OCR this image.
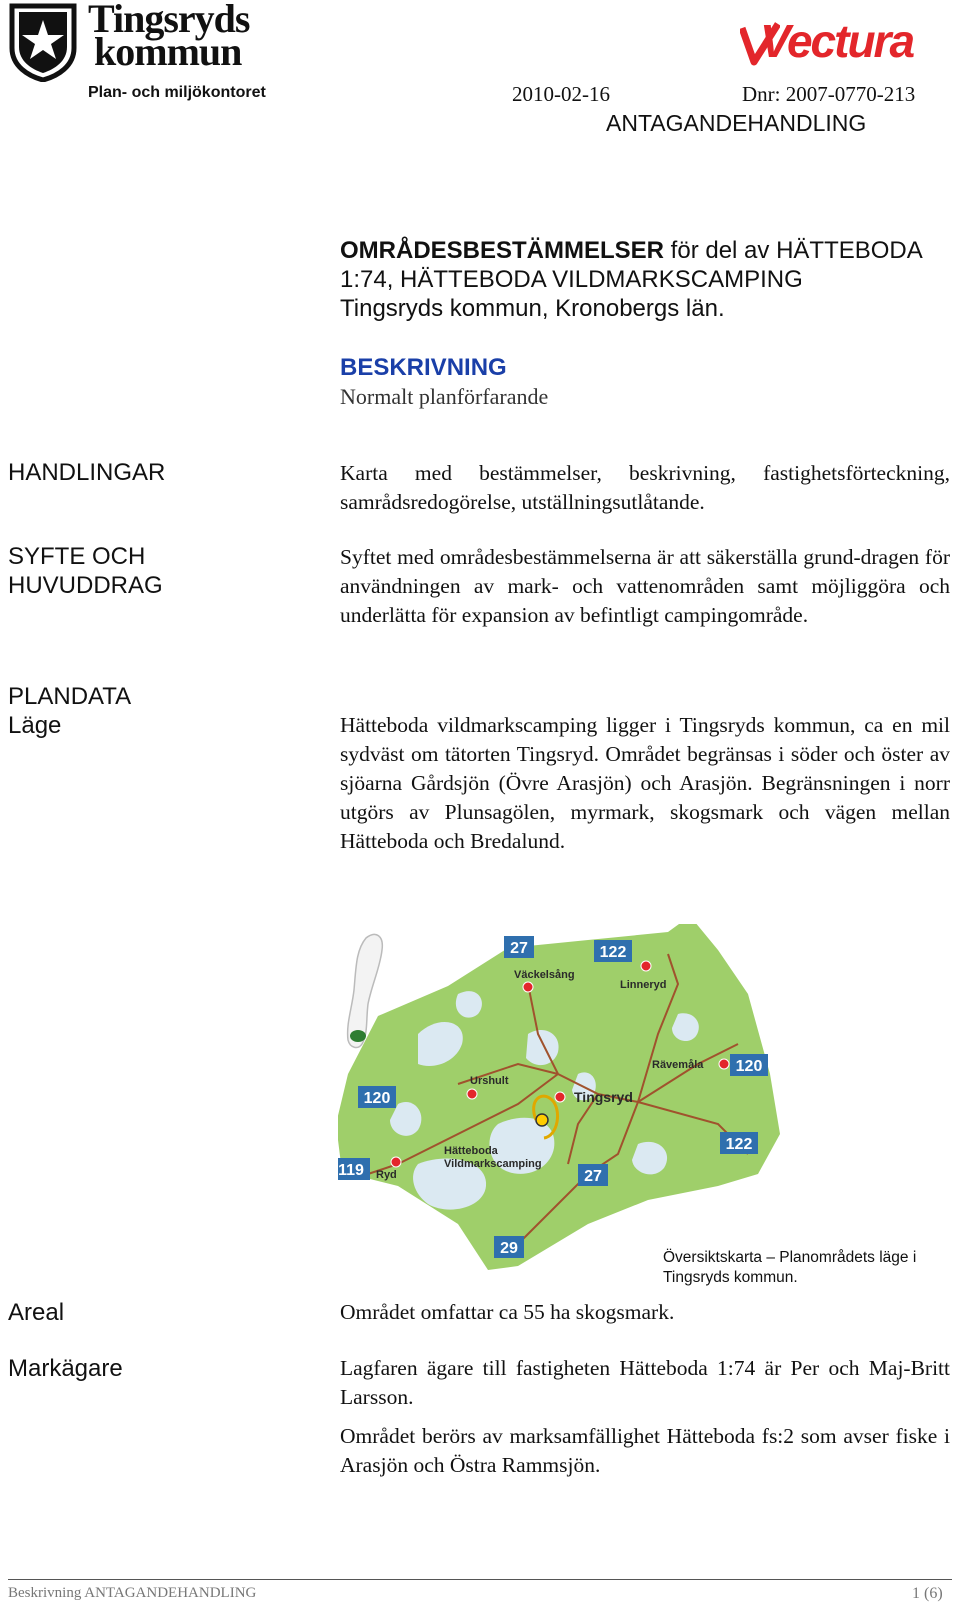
Tingsryds
kommun
Plan- och miljökontoret
Vectura
2010-02-16	Dnr: 2007-0770-213
ANTAGANDEHANDLING
OMRÅDESBESTÄMMELSER för del av HÄTTEBODA
1:74, HÄTTEBODA VILDMARKSCAMPING
Tingsryds kommun, Kronobergs län.
BESKRIVNING
Normalt planförfarande
HANDLINGAR	Karta med bestämmelser, beskrivning, fastighetsförteckning, samrådsredogörelse, utställningsutlåtande.
SYFTE OCH
HUVUDDRAG
Syftet med områdesbestämmelserna är att säkerställa grund-dragen för användningen av mark- och vattenområden samt möjliggöra och underlätta för expansion av befintligt campingområde.
PLANDATA
Läge	Hätteboda vildmarkscamping ligger i Tingsryds kommun, ca en mil sydväst om tätorten Tingsryd. Området begränsas i söder och öster av sjöarna Gårdsjön (Övre Arasjön) och Arasjön. Begränsningen i norr utgörs av Plunsagölen, myrmark, skogsmark och vägen mellan Hätteboda och Bredalund.
27	122
120
120
122
119	27
29
Väckelsång
Linneryd
Rävemåla
Urshult
Tingsryd
Hätteboda
Vildmarkscamping
Ryd
Översiktskarta – Planområdets läge i
Tingsryds kommun.
Areal	Området omfattar ca 55 ha skogsmark.
Markägare	Lagfaren ägare till fastigheten Hätteboda 1:74 är Per och Maj-Britt Larsson.
Området berörs av marksamfällighet Hätteboda fs:2 som avser fiske i Arasjön och Östra Rammsjön.
Beskrivning ANTAGANDEHANDLING	1 (6)
